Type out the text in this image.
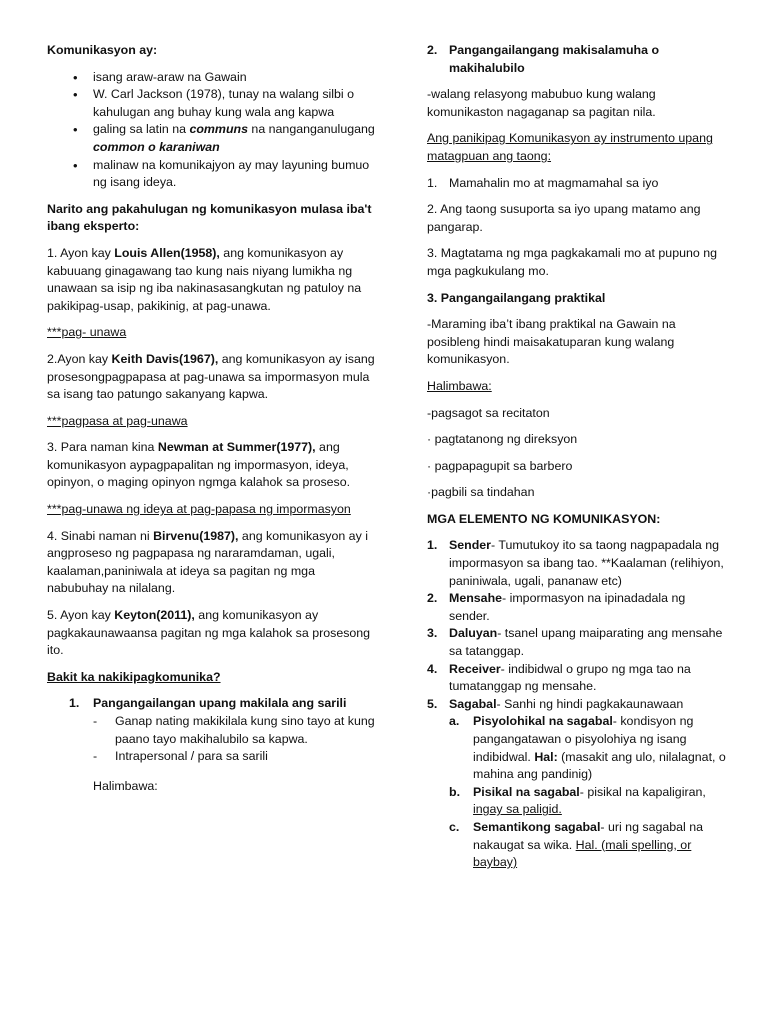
Komunikasyon ay:

• isang araw-araw na Gawain
• W. Carl Jackson (1978), tunay na walang silbi o kahulugan ang buhay kung wala ang kapwa
• galing sa latin na communs na nanganganulugang common o karaniwan
• malinaw na komunikajyon ay may layuning bumuo ng isang ideya.

Narito ang pakahulugan ng komunikasyon mulasa iba't ibang eksperto:

1. Ayon kay Louis Allen(1958), ang komunikasyon ay kabuuang ginagawang tao kung nais niyang lumikha ng unawaan sa isip ng iba nakinasasangkutan ng patuloy na pakikipag-usap, pakikinig, at pag-unawa.

***pag- unawa

2.Ayon kay Keith Davis(1967), ang komunikasyon ay isang prosesongpagpapasa at pag-unawa sa impormasyon mula sa isang tao patungo sakanyang kapwa.

***pagpasa at pag-unawa

3. Para naman kina Newman at Summer(1977), ang komunikasyon aypagpapalitan ng impormasyon, ideya, opinyon, o maging opinyon ngmga kalahok sa proseso.

***pag-unawa ng ideya at pag-papasa ng impormasyon

4. Sinabi naman ni Birvenu(1987), ang komunikasyon ay i angproseso ng pagpapasa ng nararamdaman, ugali, kaalaman,paniniwala at ideya sa pagitan ng mga nabubuhay na nilalang.

5. Ayon kay Keyton(2011), ang komunikasyon ay pagkakaunawaansa pagitan ng mga kalahok sa prosesong ito.

Bakit ka nakikipagkomunika?

1. Pangangailangan upang makilala ang sarili
- Ganap nating makikilala kung sino tayo at kung paano tayo makihalubilo sa kapwa.
- Intrapersonal / para sa sarili

Halimbawa:

2. Pangangailangang makisalamuha o makihalubilo

-walang relasyong mabubuo kung walang komunikaston nagaganap sa pagitan nila.

Ang panikipag Komunikasyon ay instrumento upang matagpuan ang taong:

1. Mamahalin mo at magmamahal sa iyo

2. Ang taong susuporta sa iyo upang matamo ang pangarap.

3. Magtatama ng mga pagkakamali mo at pupuno ng mga pagkukulang mo.

3. Pangangailangang praktikal

-Maraming iba’t ibang praktikal na Gawain na posibleng hindi maisakatuparan kung walang komunikasyon.

Halimbawa:

-pagsagot sa recitaton

· pagtatanong ng direksyon

· pagpapagupit sa barbero

·pagbili sa tindahan

MGA ELEMENTO NG KOMUNIKASYON:

1. Sender- Tumutukoy ito sa taong nagpapadala ng impormasyon sa ibang tao. **Kaalaman (relihiyon, paniniwala, ugali, pananaw etc)
2. Mensahe- impormasyon na ipinadadala ng sender.
3. Daluyan- tsanel upang maiparating ang mensahe sa tatanggap.
4. Receiver- indibidwal o grupo ng mga tao na tumatanggap ng mensahe.
5. Sagabal- Sanhi ng hindi pagkakaunawaan
a. Pisyolohikal na sagabal- kondisyon ng pangangatawan o pisyolohiya ng isang indibidwal. Hal: (masakit ang ulo, nilalagnat, o mahina ang pandinig)
b. Pisikal na sagabal- pisikal na kapaligiran, ingay sa paligid.
c. Semantikong sagabal- uri ng sagabal na nakaugat sa wika. Hal. (mali spelling, or baybay)
